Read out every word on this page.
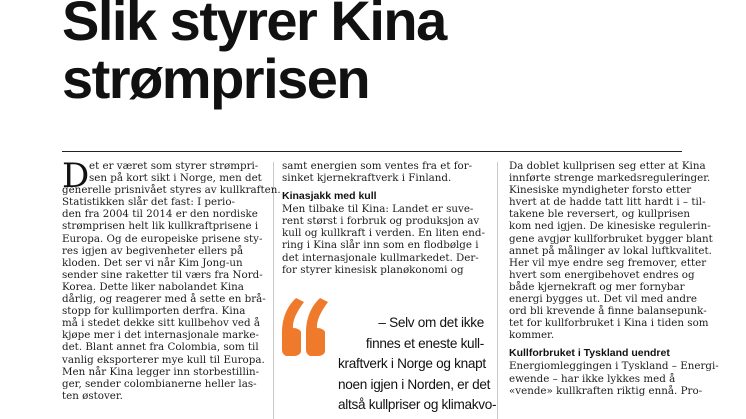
Slik styrer Kina
strømprisen
D et er været som styrer strømpri-
sen på kort sikt i Norge, men det
generelle prisnivået styres av kullkraften.
Statistikken slår det fast: I perio-
den fra 2004 til 2014 er den nordiske
strømprisen helt lik kullkraftprisene i
Europa. Og de europeiske prisene sty-
res igjen av begivenheter ellers på
kloden. Det ser vi når Kim Jong-un
sender sine raketter til værs fra Nord-
Korea. Dette liker nabolandet Kina
dårlig, og reagerer med å sette en brå-
stopp for kullimporten derfra. Kina
må i stedet dekke sitt kullbehov ved å
kjøpe mer i det internasjonale marke-
det. Blant annet fra Colombia, som til
vanlig eksporterer mye kull til Europa.
Men når Kina legger inn storbestillin-
ger, sender colombianerne heller las-
ten østover.
samt energien som ventes fra et for-
sinket kjernekraftverk i Finland.
Kinasjakk med kull
Men tilbake til Kina: Landet er suve-
rent størst i forbruk og produksjon av
kull og kullkraft i verden. En liten end-
ring i Kina slår inn som en flodbølge i
det internasjonale kullmarkedet. Der-
for styrer kinesisk planøkonomi og
– Selv om det ikke
finnes et eneste kull-
kraftverk i Norge og knapt
noen igjen i Norden, er det
altså kullpriser og klimakvo-
Da doblet kullprisen seg etter at Kina
innførte strenge markedsreguleringer.
Kinesiske myndigheter forsto etter
hvert at de hadde tatt litt hardt i – til-
takene ble reversert, og kullprisen
kom ned igjen. De kinesiske regulerin-
gene avgjør kullforbruket bygger blant
annet på målinger av lokal luftkvalitet.
Her vil mye endre seg fremover, etter
hvert som energibehovet endres og
både kjernekraft og mer fornybar
energi bygges ut. Det vil med andre
ord bli krevende å finne balansepunk-
tet for kullforbruket i Kina i tiden som
kommer.
Kullforbruket i Tyskland uendret
Energiomleggingen i Tyskland – Energi-
ewende – har ikke lykkes med å
«vende» kullkraften riktig ennå. Pro-
